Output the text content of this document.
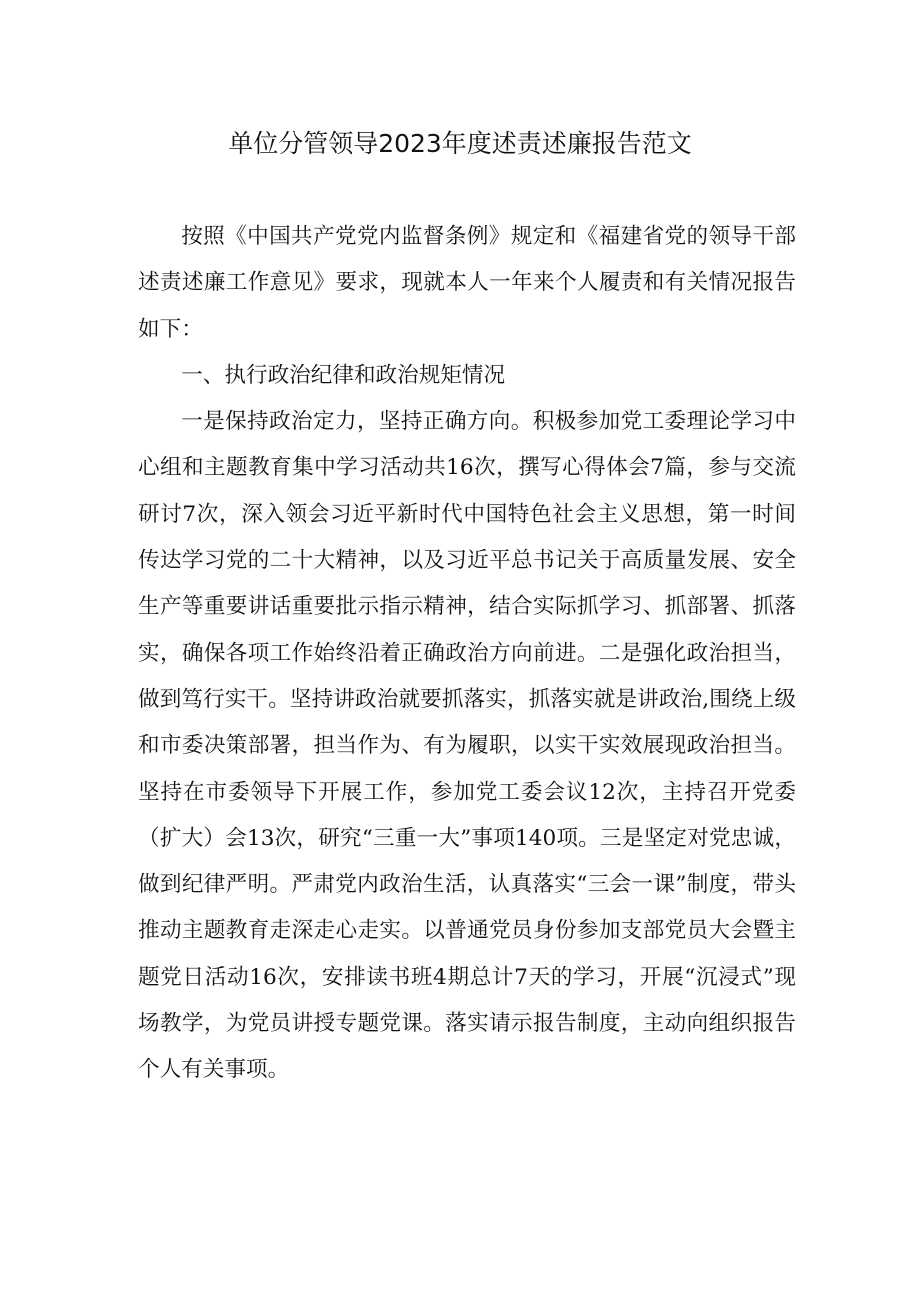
单位分管领导2023年度述责述廉报告范文

按照《中国共产党党内监督条例》规定和《福建省党的领导干部述责述廉工作意见》要求，现就本人一年来个人履责和有关情况报告如下：

一、执行政治纪律和政治规矩情况

一是保持政治定力，坚持正确方向。积极参加党工委理论学习中心组和主题教育集中学习活动共16次，撰写心得体会7篇，参与交流研讨7次，深入领会习近平新时代中国特色社会主义思想，第一时间传达学习党的二十大精神，以及习近平总书记关于高质量发展、安全生产等重要讲话重要批示指示精神，结合实际抓学习、抓部署、抓落实，确保各项工作始终沿着正确政治方向前进。二是强化政治担当，做到笃行实干。坚持讲政治就要抓落实，抓落实就是讲政治,围绕上级和市委决策部署，担当作为、有为履职，以实干实效展现政治担当。坚持在市委领导下开展工作，参加党工委会议12次，主持召开党委（扩大）会13次，研究“三重一大”事项140项。三是坚定对党忠诚，做到纪律严明。严肃党内政治生活，认真落实“三会一课”制度，带头推动主题教育走深走心走实。以普通党员身份参加支部党员大会暨主题党日活动16次，安排读书班4期总计7天的学习，开展“沉浸式”现场教学，为党员讲授专题党课。落实请示报告制度，主动向组织报告个人有关事项。
